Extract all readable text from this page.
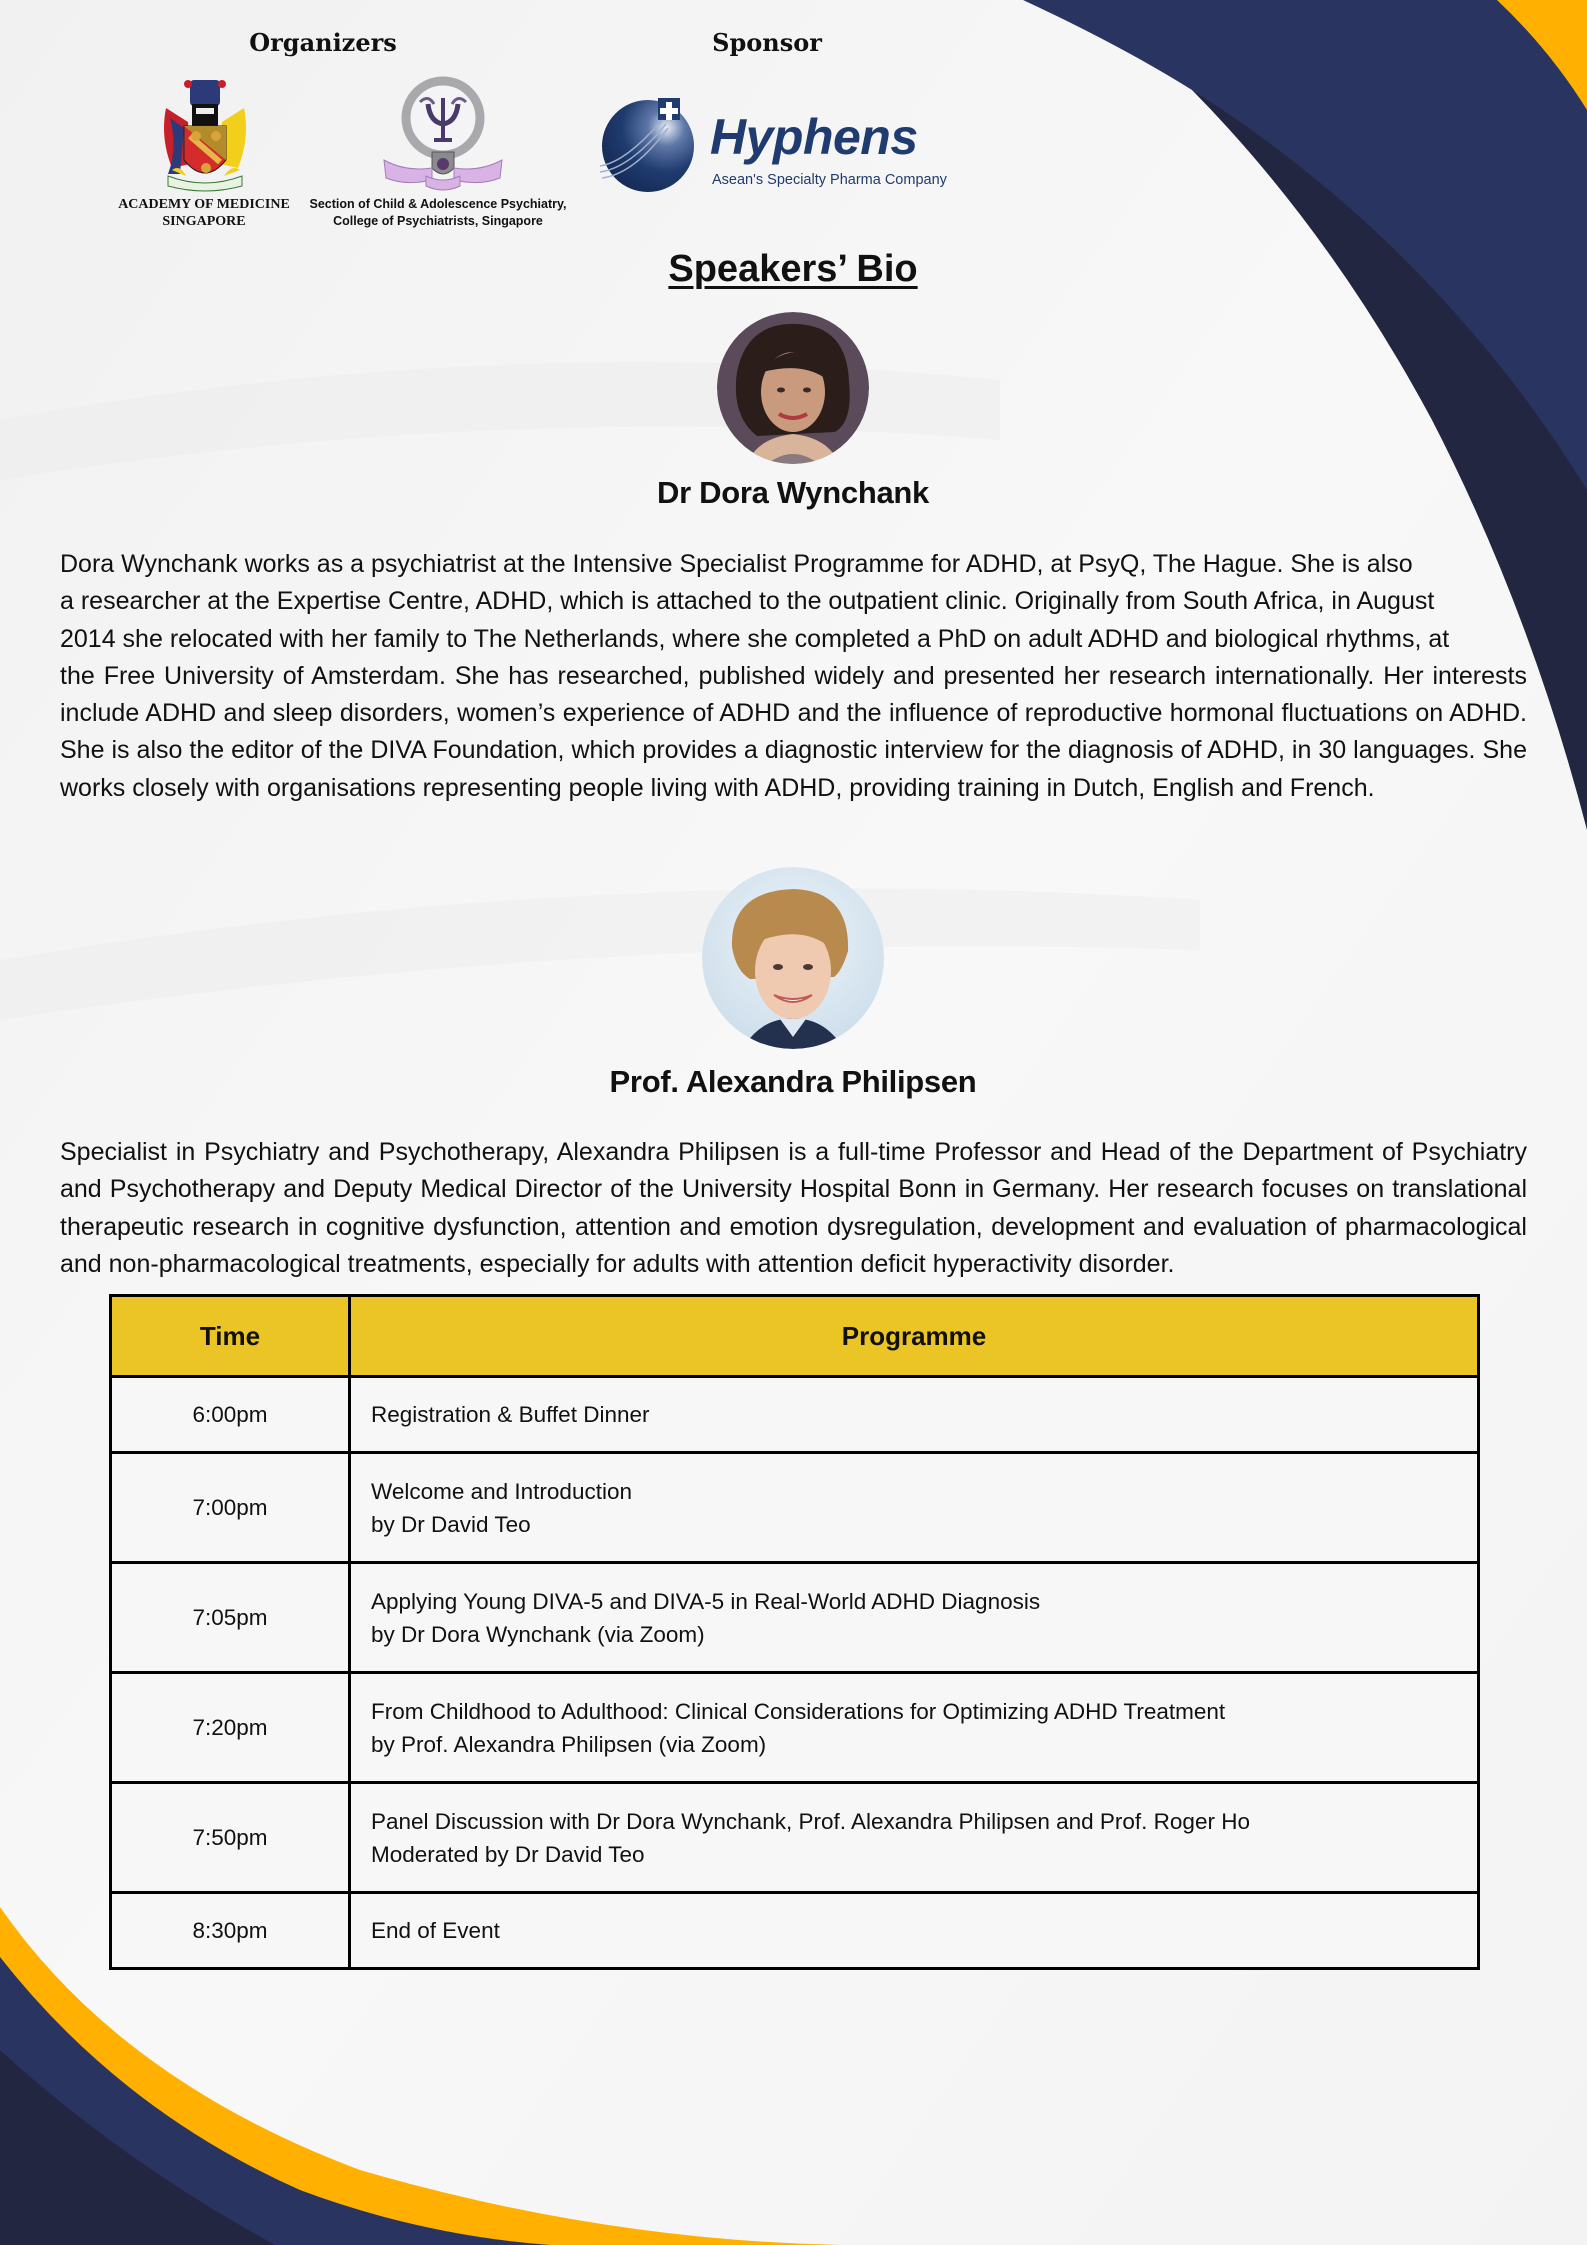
Organizers	Sponsor
ACADEMY OF MEDICINE
SINGAPORE
Section of Child & Adolescence Psychiatry,
College of Psychiatrists, Singapore
Hyphens
Asean's Specialty Pharma Company
Speakers’ Bio
Dr Dora Wynchank
Dora Wynchank works as a psychiatrist at the Intensive Specialist Programme for ADHD, at PsyQ, The Hague. She is also
a researcher at the Expertise Centre, ADHD, which is attached to the outpatient clinic. Originally from South Africa, in August
2014 she relocated with her family to The Netherlands, where she completed a PhD on adult ADHD and biological rhythms, at
the Free University of Amsterdam. She has researched, published widely and presented her research internationally. Her interests include ADHD and sleep disorders, women’s experience of ADHD and the influence of reproductive hormonal fluctuations on ADHD. She is also the editor of the DIVA Foundation, which provides a diagnostic interview for the diagnosis of ADHD, in 30 languages. She works closely with organisations representing people living with ADHD, providing training in Dutch, English and French.
Prof. Alexandra Philipsen
Specialist in Psychiatry and Psychotherapy, Alexandra Philipsen is a full-time Professor and Head of the Department of Psychiatry and Psychotherapy and Deputy Medical Director of the University Hospital Bonn in Germany. Her research focuses on translational therapeutic research in cognitive dysfunction, attention and emotion dysregulation, development and evaluation of pharmacological and non-pharmacological treatments, especially for adults with attention deficit hyperactivity disorder.
Time	Programme
6:00pm	Registration & Buffet Dinner

7:00pm	Welcome and Introduction
by Dr David Teo

7:05pm	Applying Young DIVA-5 and DIVA-5 in Real-World ADHD Diagnosis
by Dr Dora Wynchank (via Zoom)

7:20pm	From Childhood to Adulthood: Clinical Considerations for Optimizing ADHD Treatment
by Prof. Alexandra Philipsen (via Zoom)

7:50pm	Panel Discussion with Dr Dora Wynchank, Prof. Alexandra Philipsen and Prof. Roger Ho
Moderated by Dr David Teo

8:30pm	End of Event
